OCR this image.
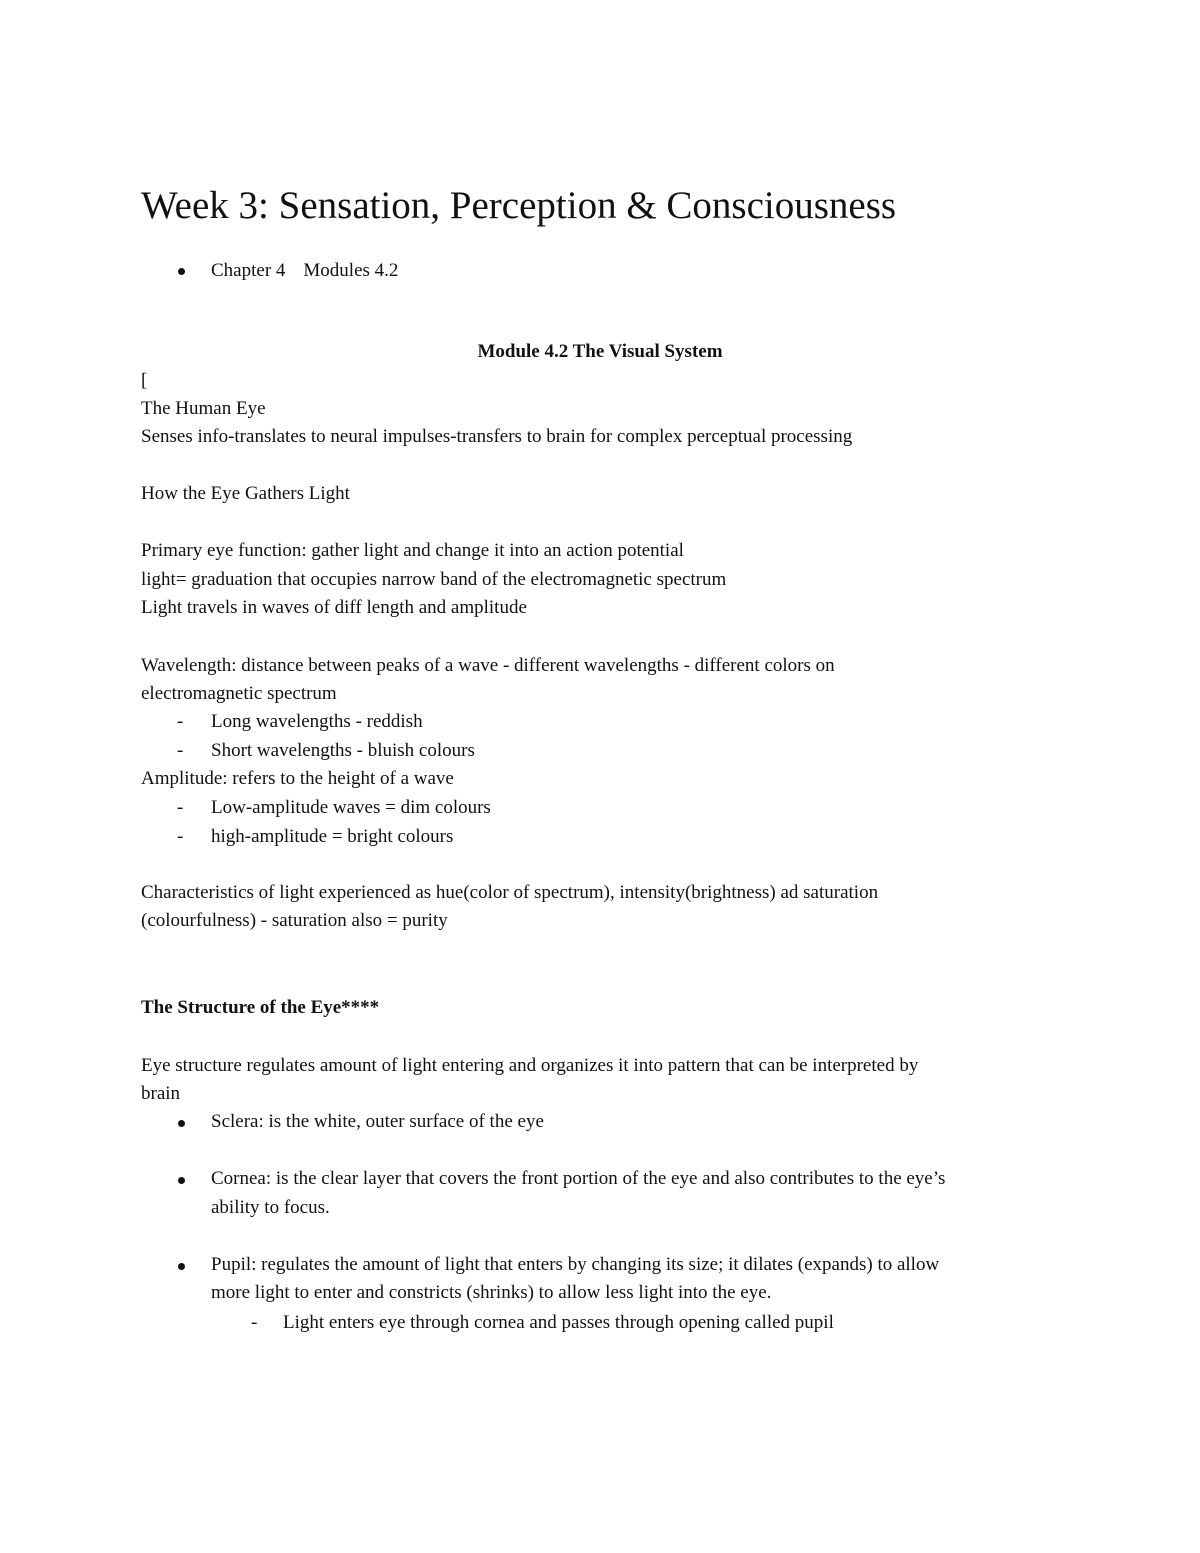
Week 3: Sensation, Perception & Consciousness
Chapter 4 Modules 4.2
Module 4.2 The Visual System
[
The Human Eye
Senses info-translates to neural impulses-transfers to brain for complex perceptual processing
How the Eye Gathers Light
Primary eye function: gather light and change it into an action potential
light= graduation that occupies narrow band of the electromagnetic spectrum
Light travels in waves of diff length and amplitude
Wavelength: distance between peaks of a wave - different wavelengths - different colors on
electromagnetic spectrum
- Long wavelengths - reddish
- Short wavelengths - bluish colours
Amplitude: refers to the height of a wave
- Low-amplitude waves = dim colours
- high-amplitude = bright colours
Characteristics of light experienced as hue(color of spectrum), intensity(brightness) ad saturation
(colourfulness) - saturation also = purity
The Structure of the Eye****
Eye structure regulates amount of light entering and organizes it into pattern that can be interpreted by
brain
Sclera: is the white, outer surface of the eye
Cornea: is the clear layer that covers the front portion of the eye and also contributes to the eye’s
ability to focus.
Pupil: regulates the amount of light that enters by changing its size; it dilates (expands) to allow
more light to enter and constricts (shrinks) to allow less light into the eye.
- Light enters eye through cornea and passes through opening called pupil
